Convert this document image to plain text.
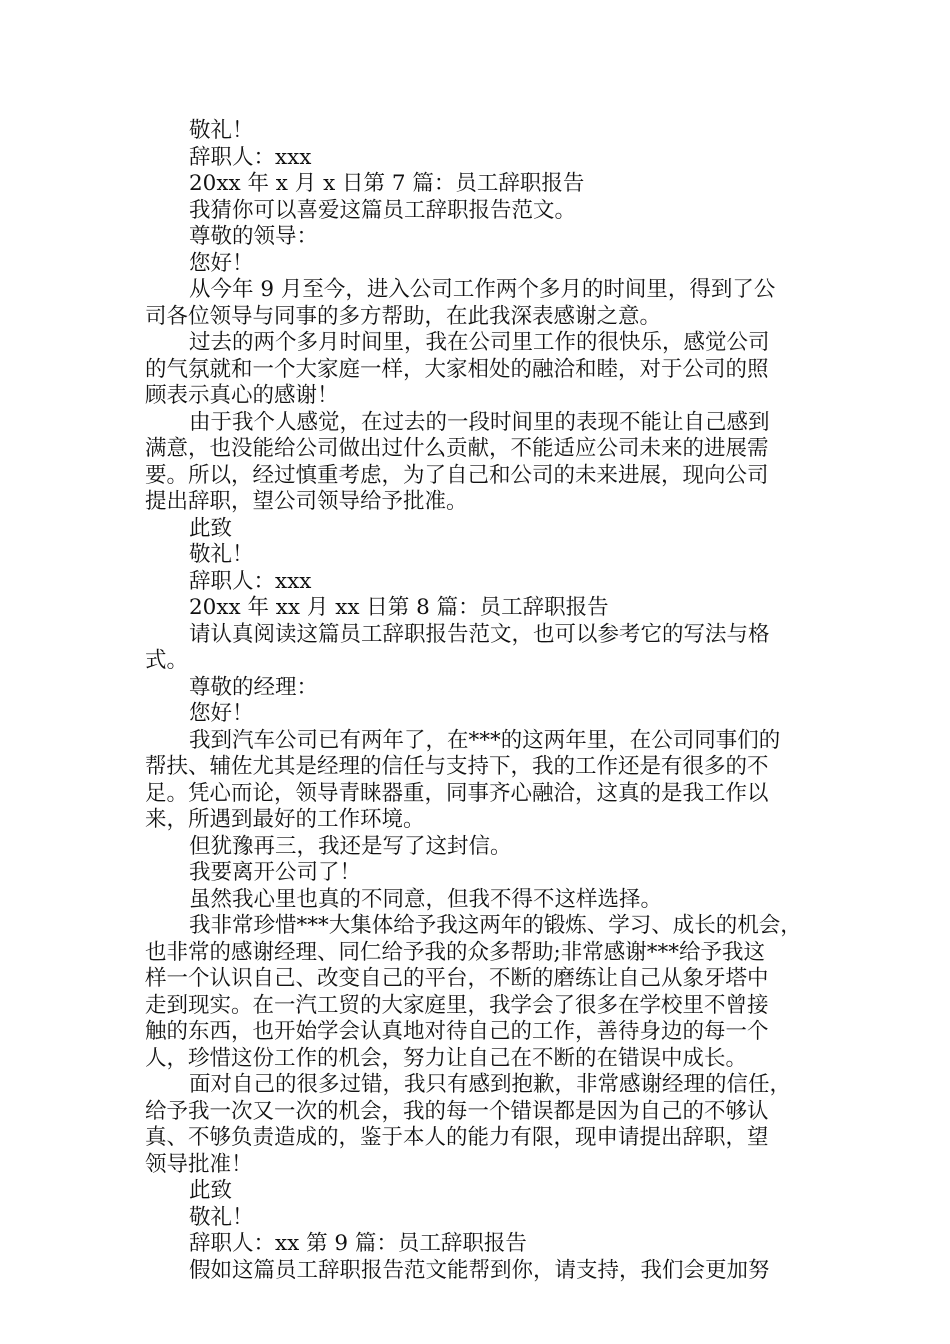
敬礼！
辞职人：xxx
20xx 年 x 月 x 日第 7 篇：员工辞职报告
我猜你可以喜爱这篇员工辞职报告范文。
尊敬的领导：
您好！
从今年 9 月至今，进入公司工作两个多月的时间里，得到了公
司各位领导与同事的多方帮助，在此我深表感谢之意。
过去的两个多月时间里，我在公司里工作的很快乐，感觉公司
的气氛就和一个大家庭一样，大家相处的融洽和睦，对于公司的照
顾表示真心的感谢！
由于我个人感觉，在过去的一段时间里的表现不能让自己感到
满意，也没能给公司做出过什么贡献，不能适应公司未来的进展需
要。所以，经过慎重考虑，为了自己和公司的未来进展，现向公司
提出辞职，望公司领导给予批准。
此致
敬礼！
辞职人：xxx
20xx 年 xx 月 xx 日第 8 篇：员工辞职报告
请认真阅读这篇员工辞职报告范文，也可以参考它的写法与格
式。
尊敬的经理：
您好！
我到汽车公司已有两年了，在***的这两年里，在公司同事们的
帮扶、辅佐尤其是经理的信任与支持下，我的工作还是有很多的不
足。凭心而论，领导青睐器重，同事齐心融洽，这真的是我工作以
来，所遇到最好的工作环境。
但犹豫再三，我还是写了这封信。
我要离开公司了！
虽然我心里也真的不同意，但我不得不这样选择。
我非常珍惜***大集体给予我这两年的锻炼、学习、成长的机会，
也非常的感谢经理、同仁给予我的众多帮助;非常感谢***给予我这
样一个认识自己、改变自己的平台，不断的磨练让自己从象牙塔中
走到现实。在一汽工贸的大家庭里，我学会了很多在学校里不曾接
触的东西，也开始学会认真地对待自己的工作，善待身边的每一个
人，珍惜这份工作的机会，努力让自己在不断的在错误中成长。
面对自己的很多过错，我只有感到抱歉，非常感谢经理的信任，
给予我一次又一次的机会，我的每一个错误都是因为自己的不够认
真、不够负责造成的，鉴于本人的能力有限，现申请提出辞职，望
领导批准！
此致
敬礼！
辞职人：xx 第 9 篇：员工辞职报告
假如这篇员工辞职报告范文能帮到你，请支持，我们会更加努
